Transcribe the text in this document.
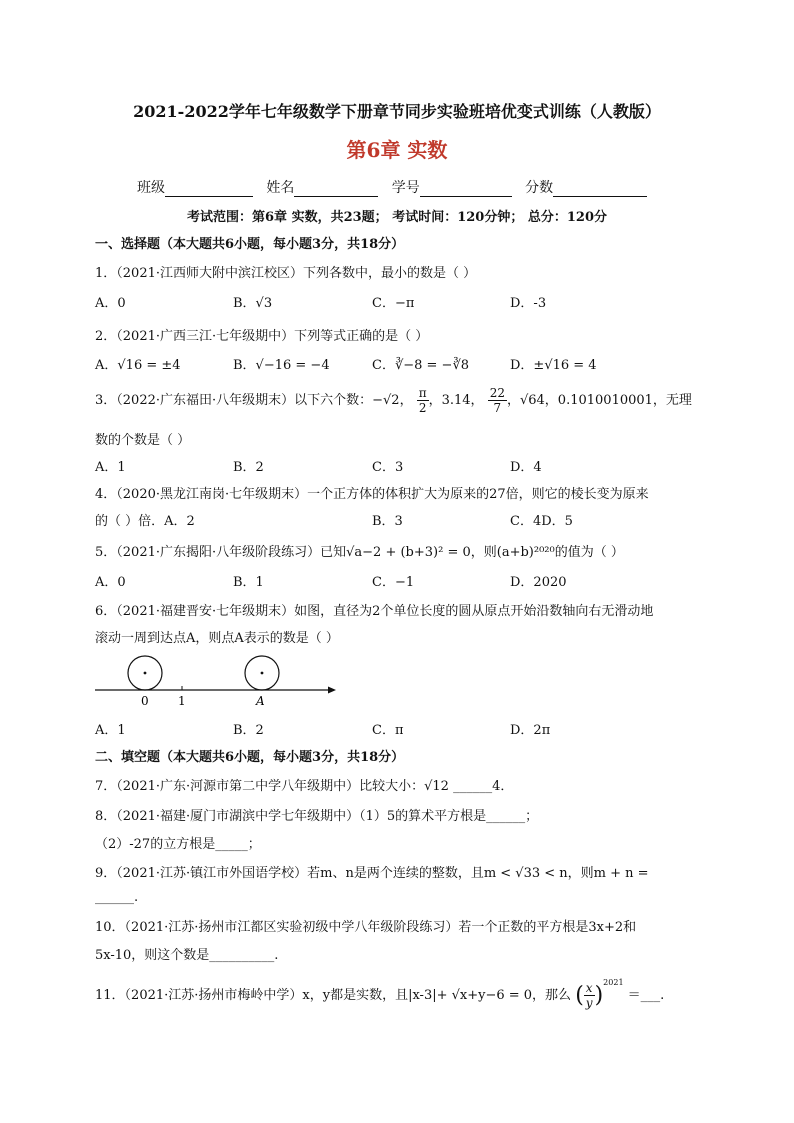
2021-2022学年七年级数学下册章节同步实验班培优变式训练（人教版）
第6章 实数
班级	姓名	学号	分数
考试范围：第6章 实数，共23题； 考试时间：120分钟； 总分：120分
一、选择题（本大题共6小题，每小题3分，共18分）
1．（2021·江西师大附中滨江校区）下列各数中，最小的数是（ ）
A．0	B．√3	C．−π	D．-3
2．（2021·广西三江·七年级期中）下列等式正确的是（ ）
A．√16 = ±4	B．√−16 = −4	C．∛−8 = −∛8	D．±√16 = 4
3．（2022·广东福田·八年级期末）以下六个数：−√2， $\frac{\pi}{2}$ ，3.14， $\frac{22}{7}$ ，√64，0.1010010001，无理
数的个数是（ ）
A．1	B．2	C．3	D．4
4．（2020·黑龙江南岗·七年级期末）一个正方体的体积扩大为原来的27倍，则它的棱长变为原来
的（ ）倍．A．2	B．3	C．4D．5
5．（2021·广东揭阳·八年级阶段练习）已知√a−2 + (b+3)² = 0，则(a+b)²⁰²⁰的值为（ ）
A．0	B．1	C．−1	D．2020
6．（2021·福建晋安·七年级期末）如图，直径为2个单位长度的圆从原点开始沿数轴向右无滑动地
滚动一周到达点A，则点A表示的数是（ ）
0 1	A
A．1	B．2	C．π	D．2π
二、填空题（本大题共6小题，每小题3分，共18分）
7．（2021·广东·河源市第二中学八年级期中）比较大小：√12 ______4．
8．（2021·福建·厦门市湖滨中学七年级期中）（1）5的算术平方根是______；
（2）-27的立方根是_____；
9．（2021·江苏·镇江市外国语学校）若m、n是两个连续的整数，且m < √33 < n，则m + n =
______.
10．（2021·江苏·扬州市江都区实验初级中学八年级阶段练习）若一个正数的平方根是3x+2和
5x-10，则这个数是__________.
11．（2021·江苏·扬州市梅岭中学）x，y都是实数，且|x-3|+ √x+y−6 = 0，那么 ( $\frac{x}{y} )^{2021}$ ＝___.
